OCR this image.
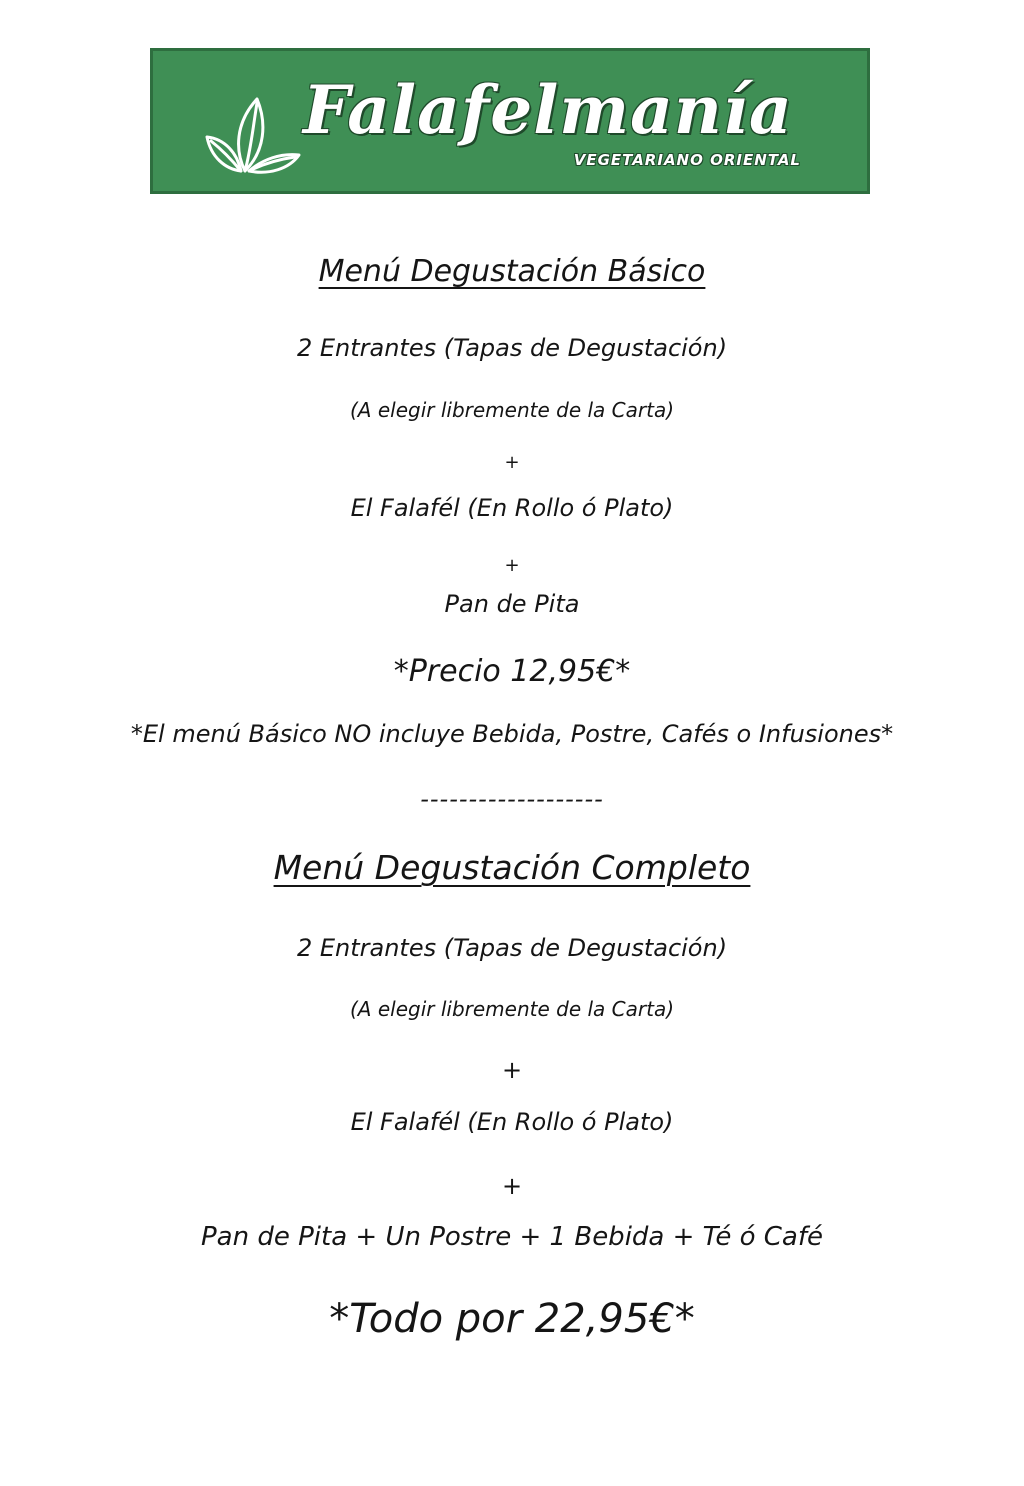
Falafelmanía
VEGETARIANO ORIENTAL
Menú Degustación Básico
2 Entrantes (Tapas de Degustación)
(A elegir libremente de la Carta)
+
El Falafél (En Rollo ó Plato)
+
Pan de Pita
*Precio 12,95€*
*El menú Básico NO incluye Bebida, Postre, Cafés o Infusiones*
-------------------
Menú Degustación Completo
2 Entrantes (Tapas de Degustación)
(A elegir libremente de la Carta)
+
El Falafél (En Rollo ó Plato)
+
Pan de Pita + Un Postre + 1 Bebida + Té ó Café
*Todo por 22,95€*
